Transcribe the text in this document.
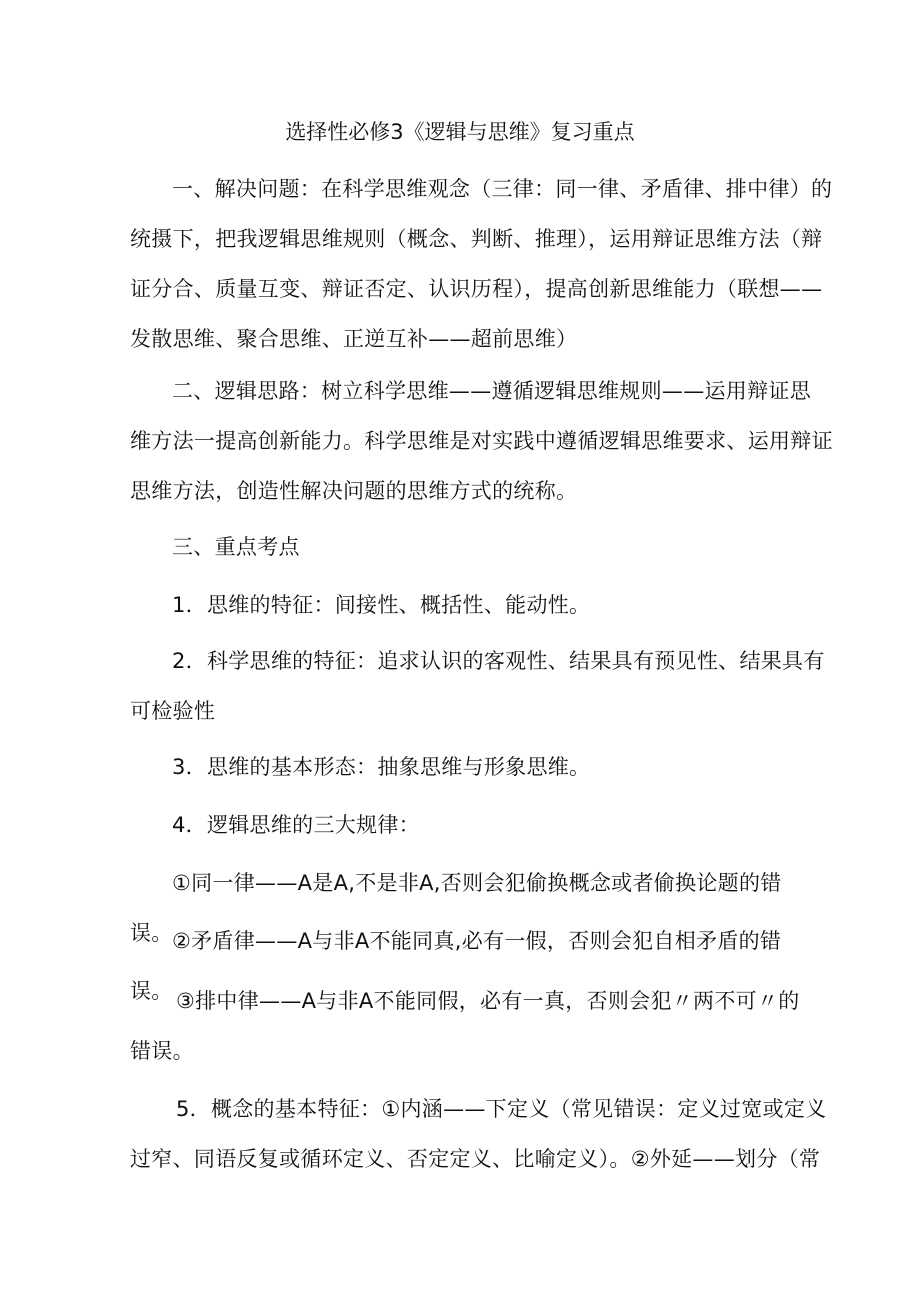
选择性必修3《逻辑与思维》复习重点

一、解决问题：在科学思维观念（三律：同一律、矛盾律、排中律）的
统摄下，把我逻辑思维规则（概念、判断、推理），运用辩证思维方法（辩
证分合、质量互变、辩证否定、认识历程），提高创新思维能力（联想——
发散思维、聚合思维、正逆互补——超前思维）

二、逻辑思路：树立科学思维——遵循逻辑思维规则——运用辩证思
维方法一提高创新能力。科学思维是对实践中遵循逻辑思维要求、运用辩证
思维方法，创造性解决问题的思维方式的统称。

三、重点考点

1．思维的特征：间接性、概括性、能动性。

2．科学思维的特征：追求认识的客观性、结果具有预见性、结果具有
可检验性

3．思维的基本形态：抽象思维与形象思维。

4．逻辑思维的三大规律：

①同一律——A是A,不是非A,否则会犯偷换概念或者偷换论题的错误。 ②矛盾律——A与非A不能同真,必有一假，否则会犯自相矛盾的错误。 ③排中律——A与非A不能同假，必有一真，否则会犯〃两不可〃的
错误。

5．概念的基本特征：①内涵——下定义（常见错误：定义过宽或定义
过窄、同语反复或循环定义、否定定义、比喻定义）。②外延——划分（常
